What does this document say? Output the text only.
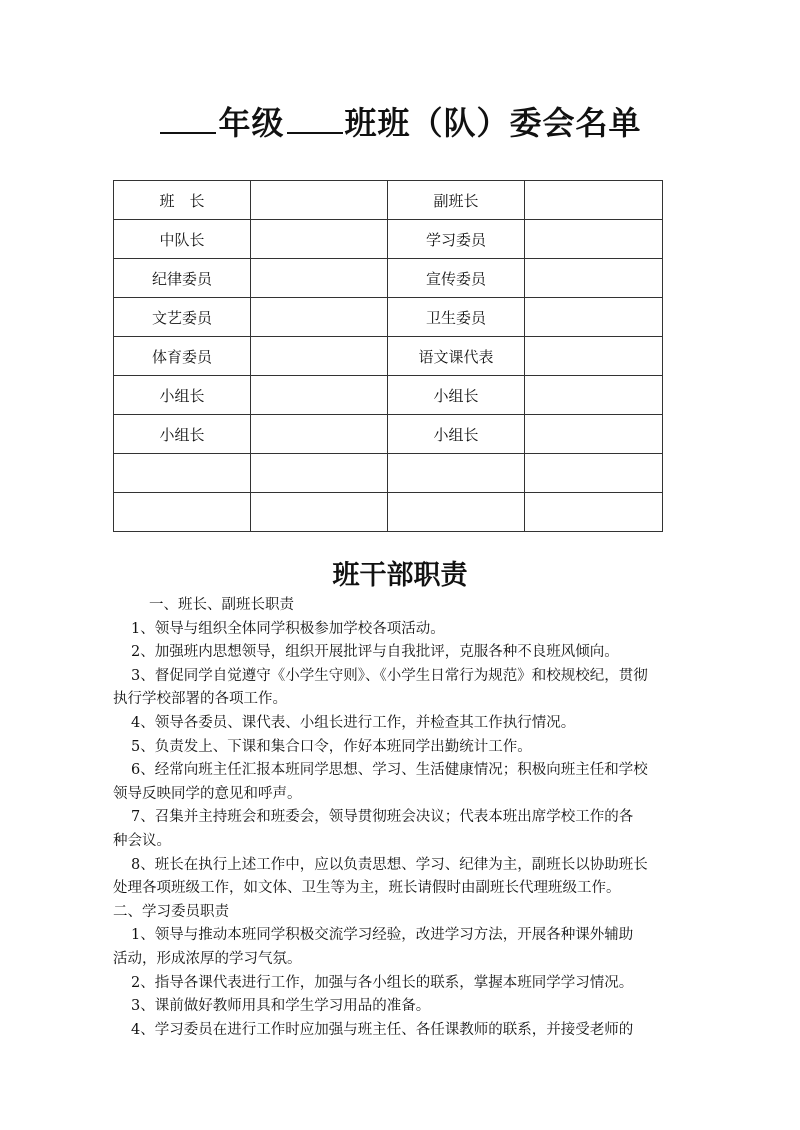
年级 班班（队）委会名单
班　长		副班长	
中队长		学习委员	
纪律委员		宣传委员	
文艺委员		卫生委员	
体育委员		语文课代表	
小组长		小组长	
小组长		小组长	

班干部职责

一、班长、副班长职责

1、领导与组织全体同学积极参加学校各项活动。

2、加强班内思想领导，组织开展批评与自我批评，克服各种不良班风倾向。

3、督促同学自觉遵守《小学生守则》、《小学生日常行为规范》和校规校纪，贯彻

执行学校部署的各项工作。

4、领导各委员、课代表、小组长进行工作，并检查其工作执行情况。

5、负责发上、下课和集合口令，作好本班同学出勤统计工作。

6、经常向班主任汇报本班同学思想、学习、生活健康情况；积极向班主任和学校

领导反映同学的意见和呼声。

7、召集并主持班会和班委会，领导贯彻班会决议；代表本班出席学校工作的各

种会议。

8、班长在执行上述工作中，应以负责思想、学习、纪律为主，副班长以协助班长

处理各项班级工作，如文体、卫生等为主，班长请假时由副班长代理班级工作。

二、学习委员职责

1、领导与推动本班同学积极交流学习经验，改进学习方法，开展各种课外辅助

活动，形成浓厚的学习气氛。

2、指导各课代表进行工作，加强与各小组长的联系，掌握本班同学学习情况。

3、课前做好教师用具和学生学习用品的准备。

4、学习委员在进行工作时应加强与班主任、各任课教师的联系，并接受老师的
